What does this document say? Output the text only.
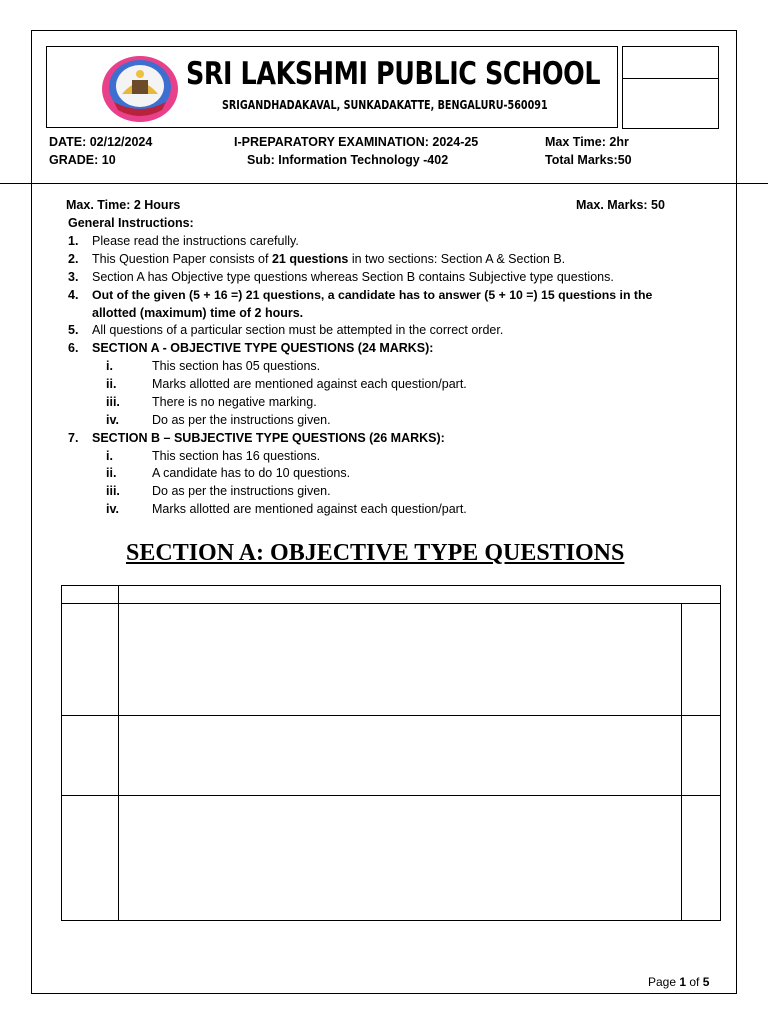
SRI LAKSHMI PUBLIC SCHOOL
SRIGANDHADAKAVAL, SUNKADAKATTE, BENGALURU-560091
DATE: 02/12/2024
GRADE: 10
I-PREPARATORY EXAMINATION: 2024-25
Sub: Information Technology -402
Max Time: 2hr
Total Marks:50
Max. Time: 2 Hours	Max. Marks: 50
General Instructions:
1. Please read the instructions carefully.
2. This Question Paper consists of 21 questions in two sections: Section A & Section B.
3. Section A has Objective type questions whereas Section B contains Subjective type questions.
4. Out of the given (5 + 16 =) 21 questions, a candidate has to answer (5 + 10 =) 15 questions in the
allotted (maximum) time of 2 hours.
5. All questions of a particular section must be attempted in the correct order.
6. SECTION A - OBJECTIVE TYPE QUESTIONS (24 MARKS):
i.	This section has 05 questions.
ii.	Marks allotted are mentioned against each question/part.
iii.	There is no negative marking.
iv.	Do as per the instructions given.
7. SECTION B – SUBJECTIVE TYPE QUESTIONS (26 MARKS):
i.	This section has 16 questions.
ii.	A candidate has to do 10 questions.
iii.	Do as per the instructions given.
iv.	Marks allotted are mentioned against each question/part.
SECTION A: OBJECTIVE TYPE QUESTIONS
Page 1 of 5
